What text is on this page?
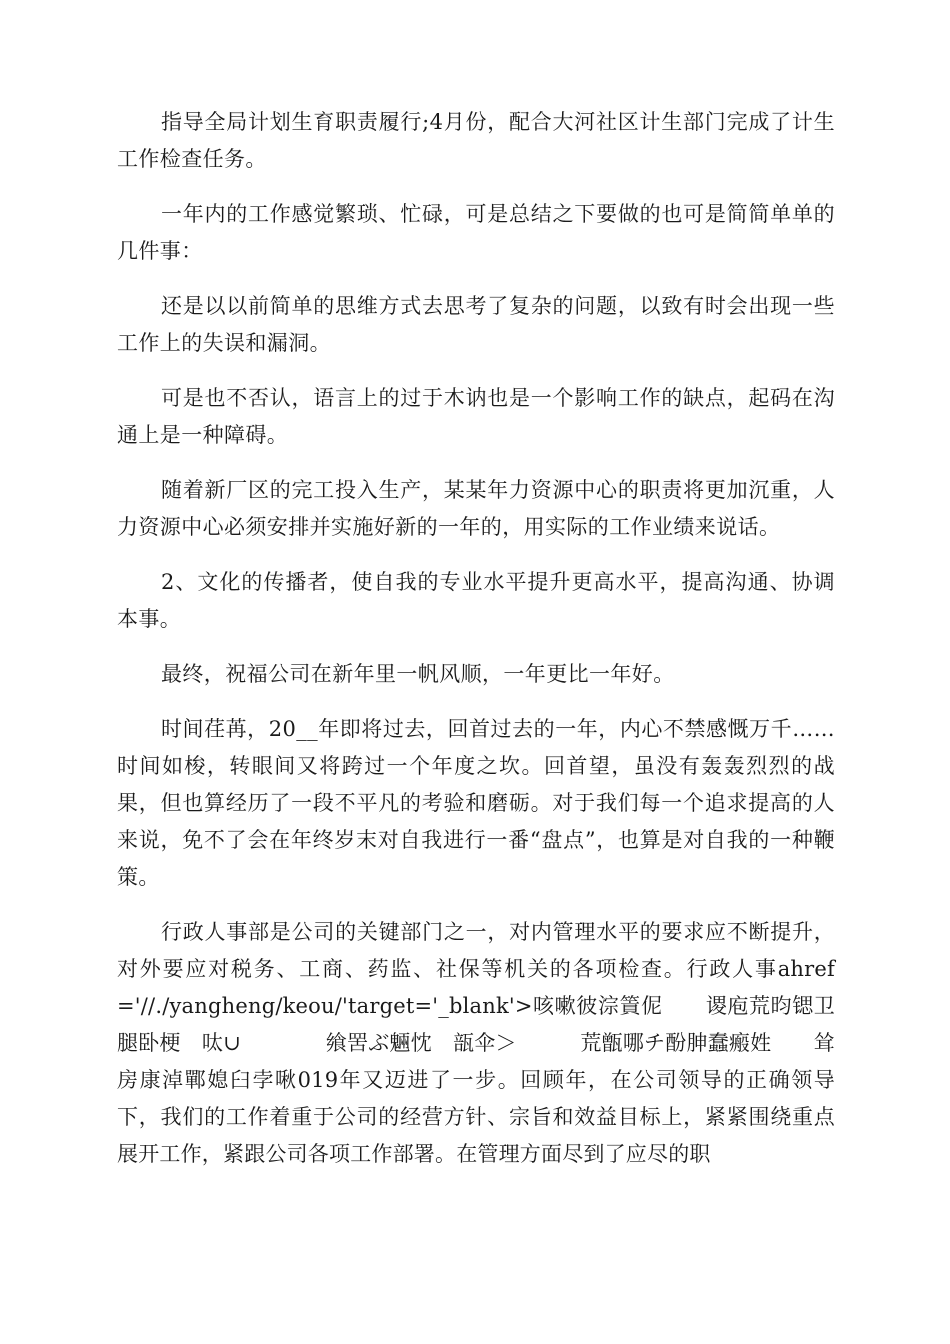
指导全局计划生育职责履行;4月份，配合大河社区计生部门完成了计生工作检查任务。

一年内的工作感觉繁琐、忙碌，可是总结之下要做的也可是简简单单的几件事：

还是以以前简单的思维方式去思考了复杂的问题，以致有时会出现一些工作上的失误和漏洞。

可是也不否认，语言上的过于木讷也是一个影响工作的缺点，起码在沟通上是一种障碍。

随着新厂区的完工投入生产，某某年力资源中心的职责将更加沉重，人力资源中心必须安排并实施好新的一年的，用实际的工作业绩来说话。

2、文化的传播者，使自我的专业水平提升更高水平，提高沟通、协调本事。

最终，祝福公司在新年里一帆风顺，一年更比一年好。

时间荏苒，20__年即将过去，回首过去的一年，内心不禁感慨万千……时间如梭，转眼间又将跨过一个年度之坎。回首望，虽没有轰轰烈烈的战果，但也算经历了一段不平凡的考验和磨砺。对于我们每一个追求提高的人来说，免不了会在年终岁末对自我进行一番“盘点”，也算是对自我的一种鞭策。

行政人事部是公司的关键部门之一，对内管理水平的要求应不断提升，对外要应对税务、工商、药监、社保等机关的各项检查。行政人事ahref='//./yangheng/keou/'target='_blank'>咳嗽彼淙篢伲　　谡庖荒昀锶卫腿卧梗　呔∪　　　　飨罟ぶ魎忱　瓿伞＞　　　荒甑哪チ酚胂蠢瘢姓　　耸房康淖鄲媳臼孛啾019年又迈进了一步。回顾年，在公司领导的正确领导下，我们的工作着重于公司的经营方针、宗旨和效益目标上，紧紧围绕重点展开工作，紧跟公司各项工作部署。在管理方面尽到了应尽的职
